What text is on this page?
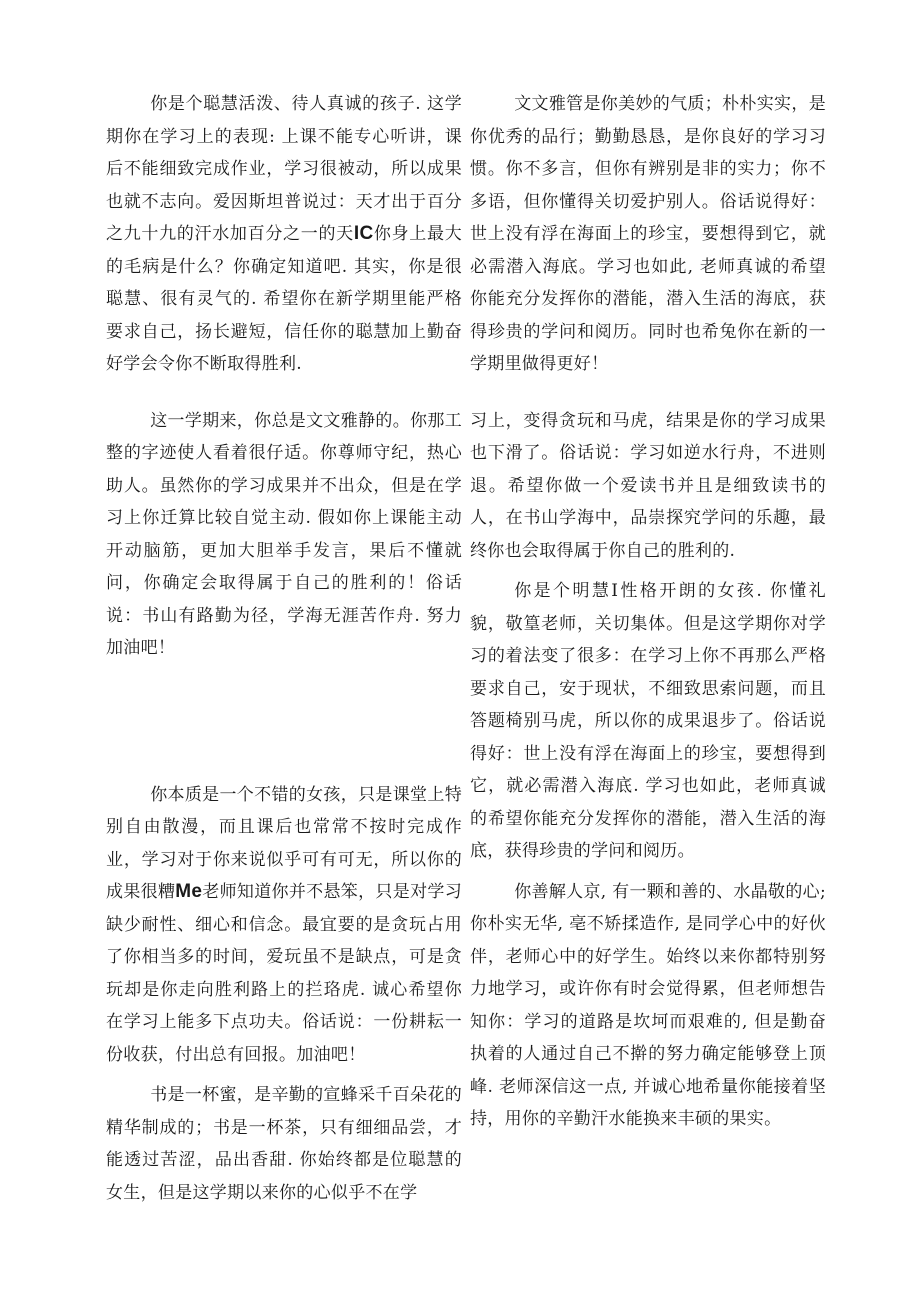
你是个聪慧活泼、待人真诚的孩子. 这学期你在学习上的表现: 上课不能专心听讲，课后不能细致完成作业，学习很被动，所以成果也就不志向。爱因斯坦普说过：天才出于百分之九十九的汗水加百分之一的天IC你身上最大的毛病是什么？你确定知道吧. 其实，你是很聪慧、很有灵气的. 希望你在新学期里能严格要求自己，扬长避短，信任你的聪慧加上勤奋好学会令你不断取得胜利.

这一学期来，你总是文文雅静的。你那工整的字迹使人看着很仔适。你尊师守纪，热心助人。虽然你的学习成果并不出众，但是在学习上你迁算比较自觉主动. 假如你上课能主动开动脑筋，更加大胆举手发言，果后不懂就问，你确定会取得属于自己的胜利的！俗话说：书山有路勤为径，学海无涯苦作舟. 努力加油吧！

你本质是一个不错的女孩，只是课堂上特别自由散漫，而且课后也常常不按时完成作业，学习对于你来说似乎可有可无，所以你的成果很糟Me老师知道你并不悬笨，只是对学习缺少耐性、细心和信念。最宜要的是贪玩占用了你相当多的时间，爱玩虽不是缺点，可是贪玩却是你走向胜利路上的拦珞虎. 诚心希望你在学习上能多下点功夫。俗话说：一份耕耘一份收获，付出总有回报。加油吧！

书是一杯蜜，是辛勤的宣蜂采千百朵花的精华制成的；书是一杯茶，只有细细品尝，才能透过苦涩，品出香甜. 你始终都是位聪慧的女生，但是这学期以来你的心似乎不在学

文文雅管是你美妙的气质；朴朴实实，是你优秀的品行；勤勤恳恳，是你良好的学习习惯。你不多言，但你有辨别是非的实力；你不多语，但你懂得关切爱护别人。俗话说得好：世上没有浮在海面上的珍宝，要想得到它，就必需潜入海底。学习也如此, 老师真诚的希望你能充分发挥你的潜能，潜入生活的海底，获得珍贵的学问和阅历。同时也希兔你在新的一学期里做得更好！

习上，变得贪玩和马虎，结果是你的学习成果也下滑了。俗话说：学习如逆水行舟，不进则退。希望你做一个爱读书并且是细致读书的人，在书山学海中，品崇探究学问的乐趣，最终你也会取得属于你自己的胜利的.

你是个明慧Ⅰ性格开朗的女孩. 你懂礼貌，敬篁老师，关切集体。但是这学期你对学习的着法变了很多：在学习上你不再那么严格要求自己，安于现状，不细致思索问题，而且答题椅别马虎，所以你的成果退步了。俗话说得好：世上没有浮在海面上的珍宝，要想得到它，就必需潜入海底. 学习也如此，老师真诚的希望你能充分发挥你的潜能，潜入生活的海底，获得珍贵的学问和阅历。

你善解人京, 有一颗和善的、水晶敬的心; 你朴实无华, 亳不矫揉造作, 是同学心中的好伙伴，老师心中的好学生。始终以来你都特别努力地学习，或许你有时会觉得累，但老师想告知你：学习的道路是坎坷而艰难的, 但是勤奋执着的人通过自己不擀的努力确定能够登上顶峰. 老师深信这一点, 并诚心地希量你能接着坚持，用你的辛勤汗水能换来丰硕的果实。
